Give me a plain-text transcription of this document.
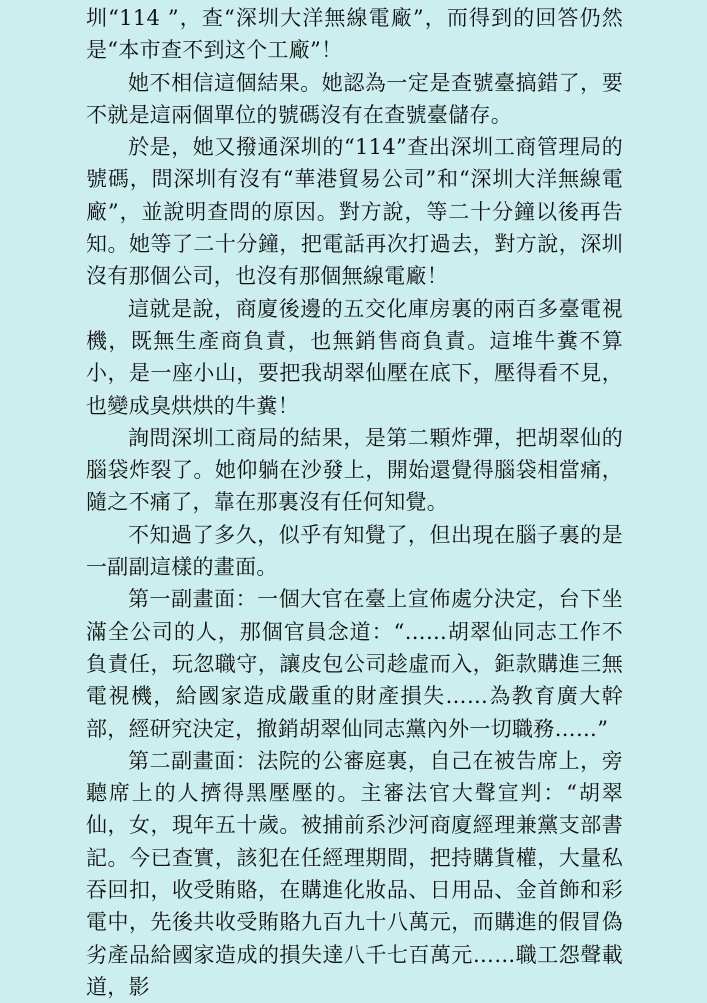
圳“114 ”，查“深圳大洋無線電廠”，而得到的回答仍然是“本市查不到这个工廠”！

她不相信這個結果。她認為一定是查號臺搞錯了，要不就是這兩個單位的號碼沒有在查號臺儲存。

於是，她又撥通深圳的“114”查出深圳工商管理局的號碼，問深圳有沒有“華港貿易公司”和“深圳大洋無線電廠”，並說明查問的原因。對方說，等二十分鐘以後再告知。她等了二十分鐘，把電話再次打過去，對方說，深圳沒有那個公司，也沒有那個無線電廠！

這就是說，商廈後邊的五交化庫房裏的兩百多臺電視機，既無生產商負責，也無銷售商負責。這堆牛糞不算小，是一座小山，要把我胡翠仙壓在底下，壓得看不見，也變成臭烘烘的牛糞！

詢問深圳工商局的結果，是第二顆炸彈，把胡翠仙的腦袋炸裂了。她仰躺在沙發上，開始還覺得腦袋相當痛，隨之不痛了，靠在那裏沒有任何知覺。

不知過了多久，似乎有知覺了，但出現在腦子裏的是一副副這樣的畫面。

第一副畫面：一個大官在臺上宣佈處分決定，台下坐滿全公司的人，那個官員念道：“……胡翠仙同志工作不負責任，玩忽職守，讓皮包公司趁虛而入，鉅款購進三無電視機，給國家造成嚴重的財產損失……為教育廣大幹部，經研究決定，撤銷胡翠仙同志黨內外一切職務……”

第二副畫面：法院的公審庭裏，自己在被告席上，旁聽席上的人擠得黑壓壓的。主審法官大聲宣判：“胡翠仙，女，現年五十歲。被捕前系沙河商廈經理兼黨支部書記。今已查實，該犯在任經理期間，把持購貨權，大量私吞回扣，收受賄賂，在購進化妝品、日用品、金首飾和彩電中，先後共收受賄賂九百九十八萬元，而購進的假冒偽劣產品給國家造成的損失達八千七百萬元……職工怨聲載道，影
